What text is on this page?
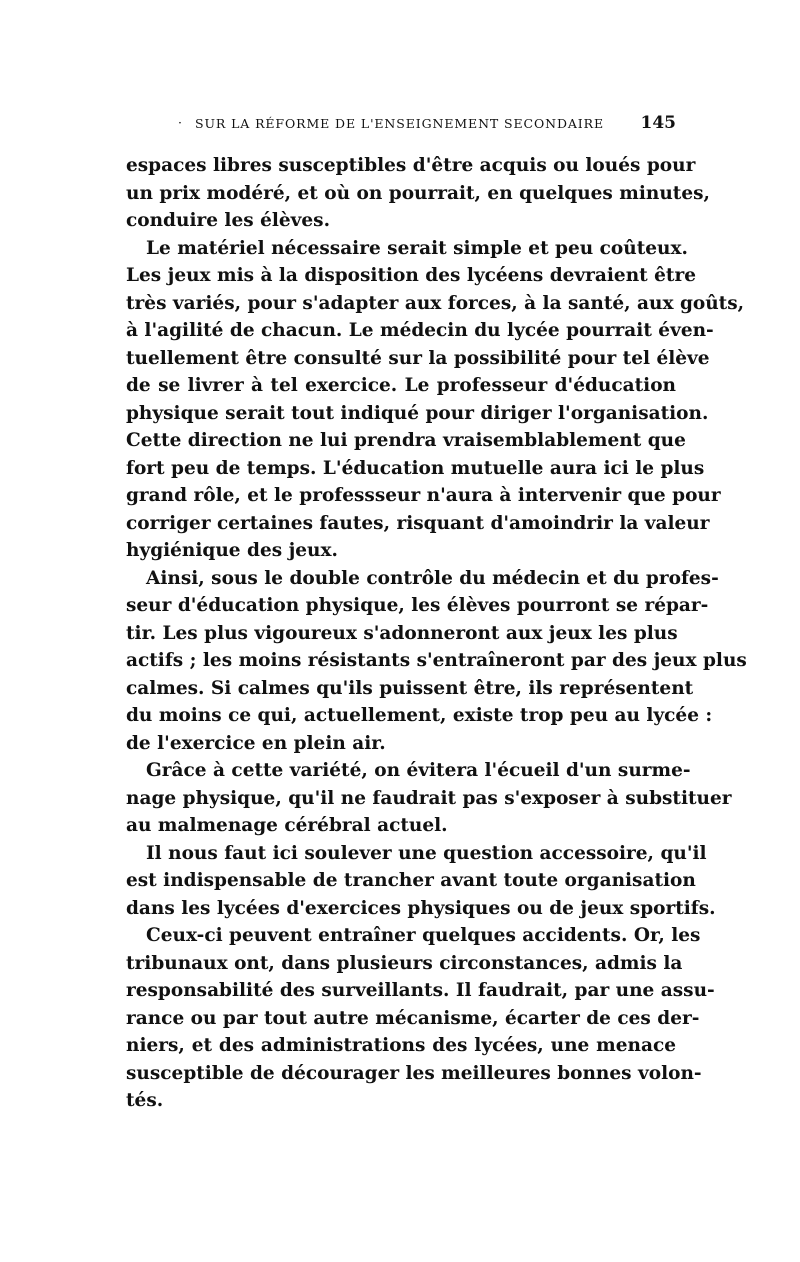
· SUR LA RÉFORME DE L'ENSEIGNEMENT SECONDAIRE 145
espaces libres susceptibles d'être acquis ou loués pour
un prix modéré, et où on pourrait, en quelques minutes,
conduire les élèves.
Le matériel nécessaire serait simple et peu coûteux.
Les jeux mis à la disposition des lycéens devraient être
très variés, pour s'adapter aux forces, à la santé, aux goûts,
à l'agilité de chacun. Le médecin du lycée pourrait éven-
tuellement être consulté sur la possibilité pour tel élève
de se livrer à tel exercice. Le professeur d'éducation
physique serait tout indiqué pour diriger l'organisation.
Cette direction ne lui prendra vraisemblablement que
fort peu de temps. L'éducation mutuelle aura ici le plus
grand rôle, et le professseur n'aura à intervenir que pour
corriger certaines fautes, risquant d'amoindrir la valeur
hygiénique des jeux.
Ainsi, sous le double contrôle du médecin et du profes-
seur d'éducation physique, les élèves pourront se répar-
tir. Les plus vigoureux s'adonneront aux jeux les plus
actifs ; les moins résistants s'entraîneront par des jeux plus
calmes. Si calmes qu'ils puissent être, ils représentent
du moins ce qui, actuellement, existe trop peu au lycée :
de l'exercice en plein air.
Grâce à cette variété, on évitera l'écueil d'un surme-
nage physique, qu'il ne faudrait pas s'exposer à substituer
au malmenage cérébral actuel.
Il nous faut ici soulever une question accessoire, qu'il
est indispensable de trancher avant toute organisation
dans les lycées d'exercices physiques ou de jeux sportifs.
Ceux-ci peuvent entraîner quelques accidents. Or, les
tribunaux ont, dans plusieurs circonstances, admis la
responsabilité des surveillants. Il faudrait, par une assu-
rance ou par tout autre mécanisme, écarter de ces der-
niers, et des administrations des lycées, une menace
susceptible de décourager les meilleures bonnes volon-
tés.
